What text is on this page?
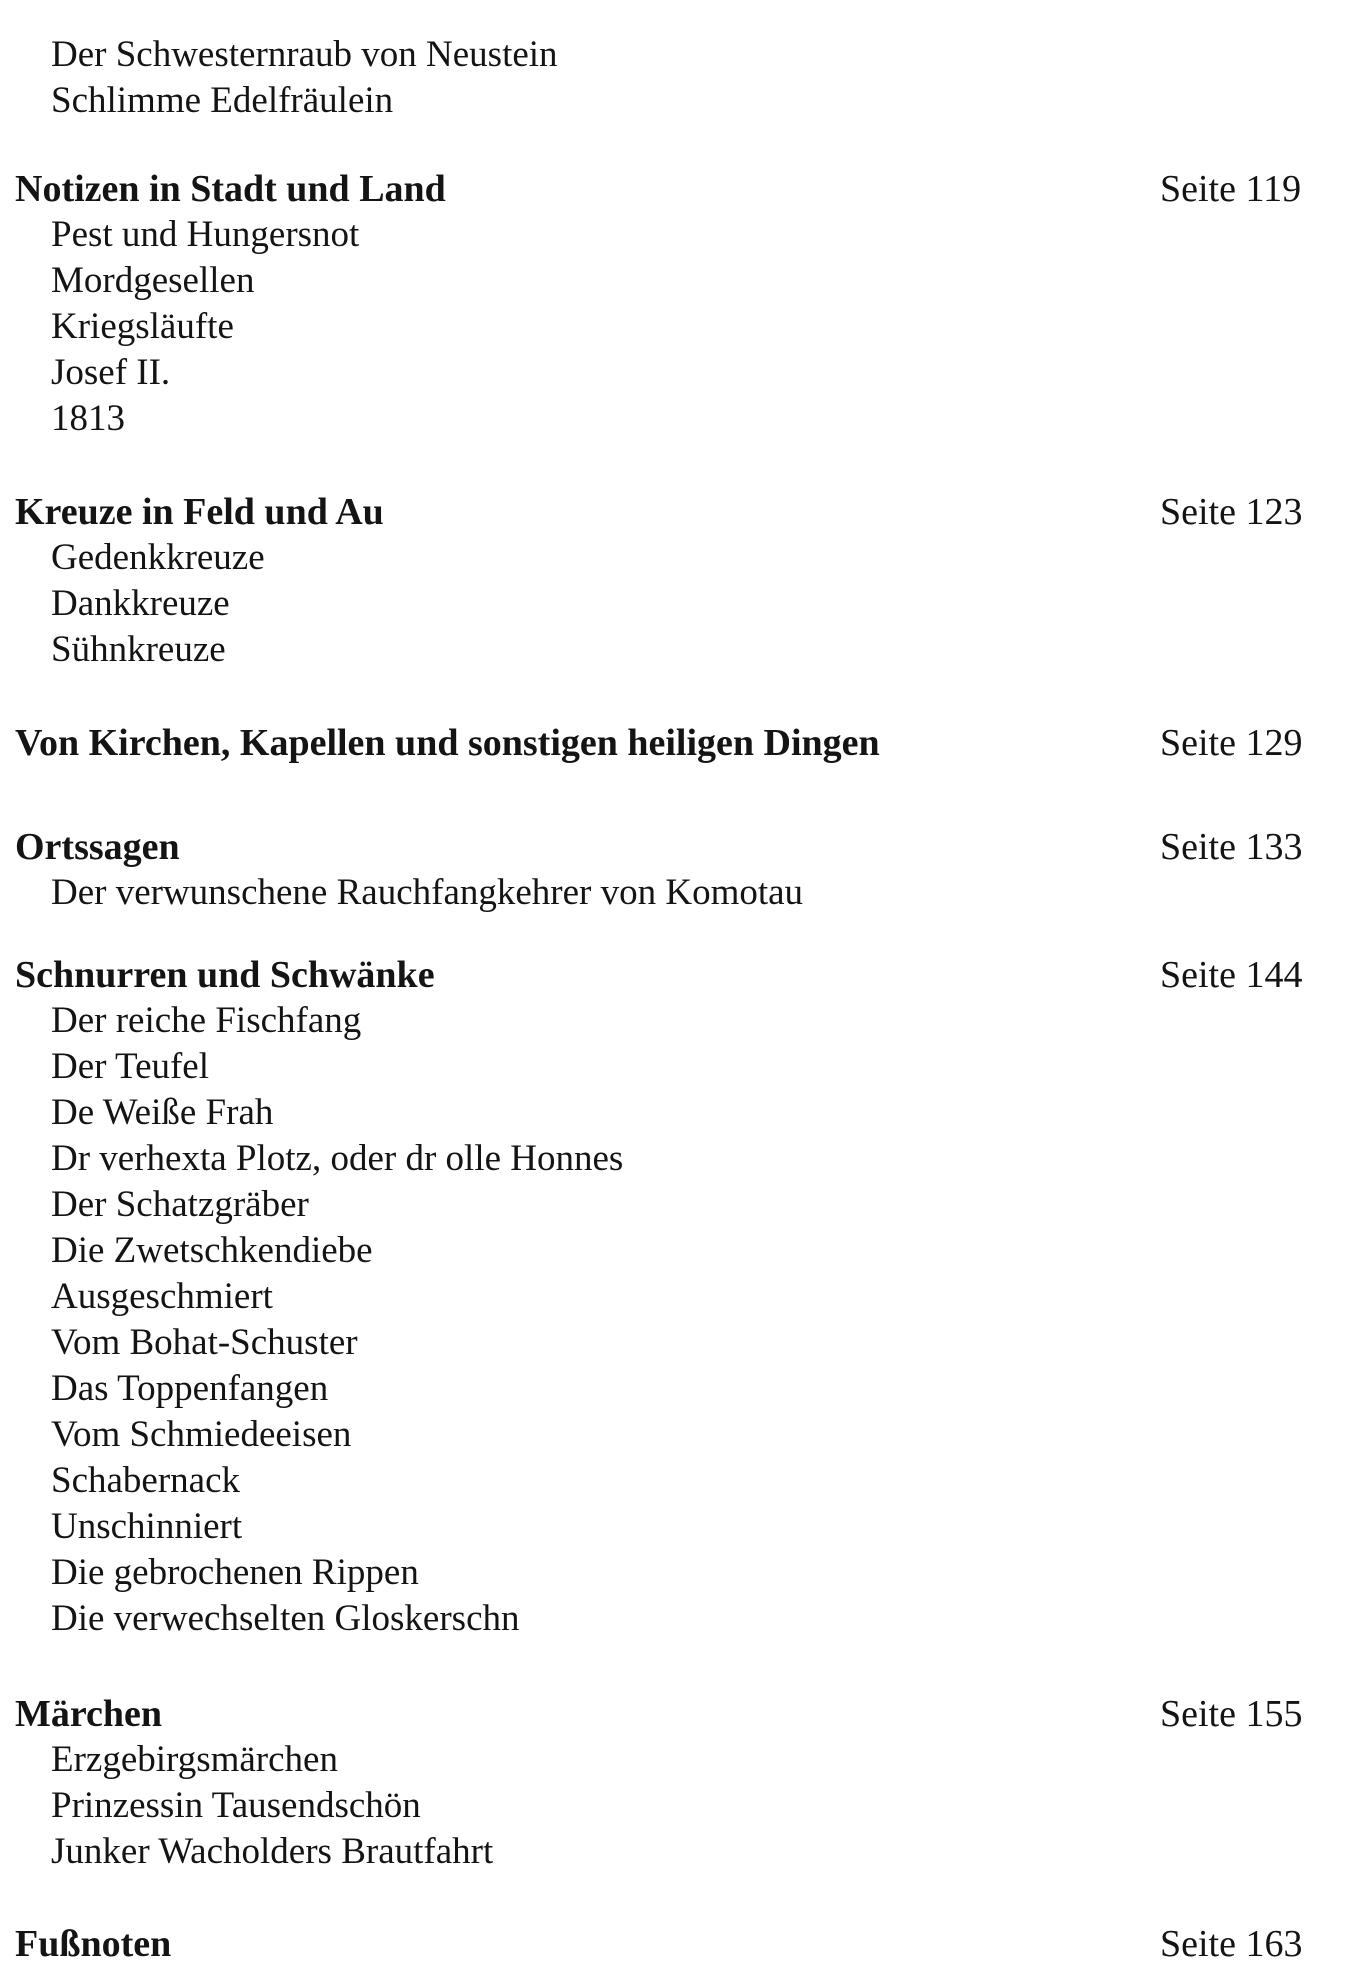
Der Schwesternraub von Neustein
Schlimme Edelfräulein
Notizen in Stadt und Land	Seite 119
Pest und Hungersnot
Mordgesellen
Kriegsläufte
Josef II.
1813
Kreuze in Feld und Au	Seite 123
Gedenkkreuze
Dankkreuze
Sühnkreuze
Von Kirchen, Kapellen und sonstigen heiligen Dingen	Seite 129
Ortssagen	Seite 133
Der verwunschene Rauchfangkehrer von Komotau
Schnurren und Schwänke	Seite 144
Der reiche Fischfang
Der Teufel
De Weiße Frah
Dr verhexta Plotz, oder dr olle Honnes
Der Schatzgräber
Die Zwetschkendiebe
Ausgeschmiert
Vom Bohat-Schuster
Das Toppenfangen
Vom Schmiedeeisen
Schabernack
Unschinniert
Die gebrochenen Rippen
Die verwechselten Gloskerschn
Märchen	Seite 155
Erzgebirgsmärchen
Prinzessin Tausendschön
Junker Wacholders Brautfahrt
Fußnoten	Seite 163
